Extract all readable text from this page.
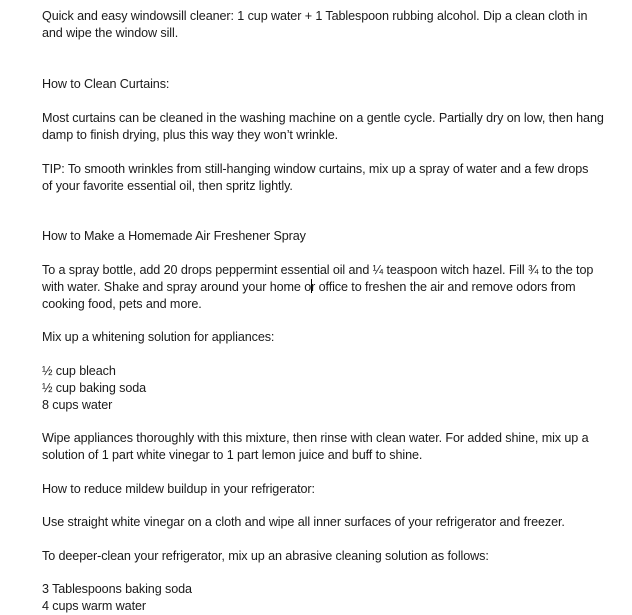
Quick and easy windowsill cleaner: 1 cup water + 1 Tablespoon rubbing alcohol. Dip a clean cloth in
and wipe the window sill.
How to Clean Curtains:
Most curtains can be cleaned in the washing machine on a gentle cycle. Partially dry on low, then hang
damp to finish drying, plus this way they won’t wrinkle.
TIP: To smooth wrinkles from still-hanging window curtains, mix up a spray of water and a few drops
of your favorite essential oil, then spritz lightly.
How to Make a Homemade Air Freshener Spray
To a spray bottle, add 20 drops peppermint essential oil and ¼ teaspoon witch hazel. Fill ¾ to the top
with water. Shake and spray around your home or office to freshen the air and remove odors from
cooking food, pets and more.
Mix up a whitening solution for appliances:
½ cup bleach
½ cup baking soda
8 cups water
Wipe appliances thoroughly with this mixture, then rinse with clean water. For added shine, mix up a
solution of 1 part white vinegar to 1 part lemon juice and buff to shine.
How to reduce mildew buildup in your refrigerator:
Use straight white vinegar on a cloth and wipe all inner surfaces of your refrigerator and freezer.
To deeper-clean your refrigerator, mix up an abrasive cleaning solution as follows:
3 Tablespoons baking soda
4 cups warm water
